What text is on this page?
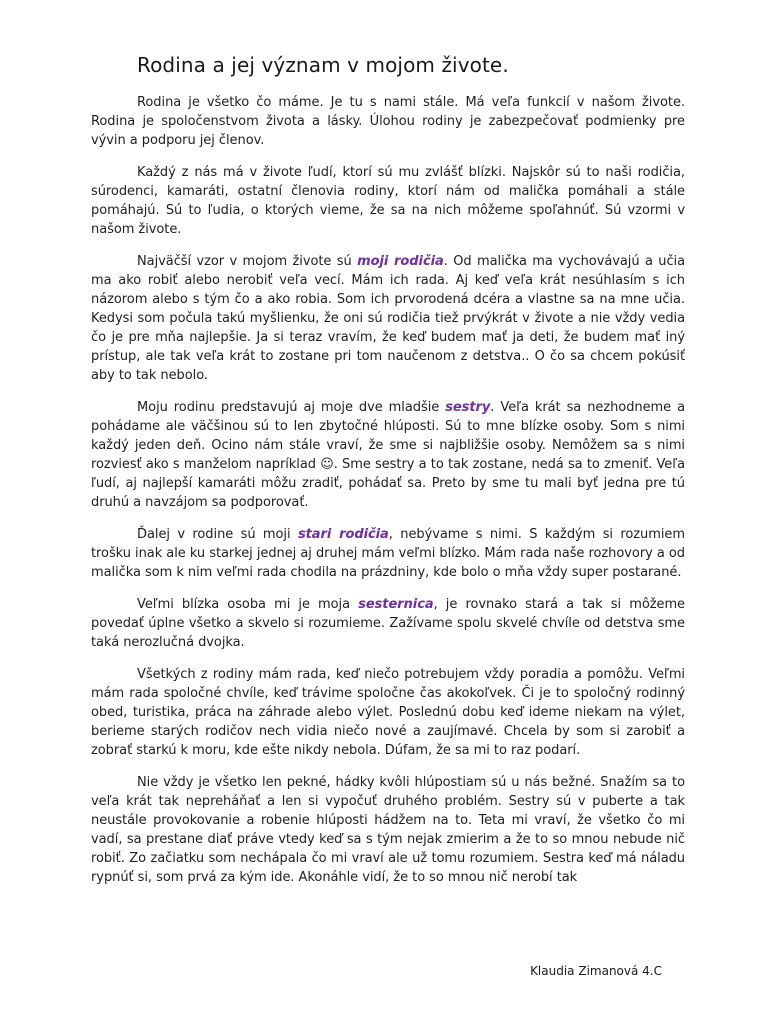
Rodina a jej význam v mojom živote.

Rodina je všetko čo máme. Je tu s nami stále. Má veľa funkcií v našom živote. Rodina je spoločenstvom života a lásky. Úlohou rodiny je zabezpečovať podmienky pre vývin a podporu jej členov.

Každý z nás má v živote ľudí, ktorí sú mu zvlášť blízki. Najskôr sú to naši rodičia, súrodenci, kamaráti, ostatní členovia rodiny, ktorí nám od malička pomáhali a stále pomáhajú. Sú to ľudia, o ktorých vieme, že sa na nich môžeme spoľahnúť. Sú vzormi v našom živote.

Najväčší vzor v mojom živote sú moji rodičia. Od malička ma vychovávajú a učia ma ako robiť alebo nerobiť veľa vecí. Mám ich rada. Aj keď veľa krát nesúhlasím s ich názorom alebo s tým čo a ako robia. Som ich prvorodená dcéra a vlastne sa na mne učia. Kedysi som počula takú myšlienku, že oni sú rodičia tiež prvýkrát v živote a nie vždy vedia čo je pre mňa najlepšie. Ja si teraz vravím, že keď budem mať ja deti, že budem mať iný prístup, ale tak veľa krát to zostane pri tom naučenom z detstva.. O čo sa chcem pokúsiť aby to tak nebolo.

Moju rodinu predstavujú aj moje dve mladšie sestry. Veľa krát sa nezhodneme a pohádame ale väčšinou sú to len zbytočné hlúposti. Sú to mne blízke osoby. Som s nimi každý jeden deň. Ocino nám stále vraví, že sme si najbližšie osoby. Nemôžem sa s nimi rozviesť ako s manželom napríklad ☺. Sme sestry a to tak zostane, nedá sa to zmeniť. Veľa ľudí, aj najlepší kamaráti môžu zradiť, pohádať sa. Preto by sme tu mali byť jedna pre tú druhú a navzájom sa podporovať.

Ďalej v rodine sú moji stari rodičia, nebývame s nimi. S každým si rozumiem trošku inak ale ku starkej jednej aj druhej mám veľmi blízko. Mám rada naše rozhovory a od malička som k nim veľmi rada chodila na prázdniny, kde bolo o mňa vždy super postarané.

Veľmi blízka osoba mi je moja sesternica, je rovnako stará a tak si môžeme povedať úplne všetko a skvelo si rozumieme. Zažívame spolu skvelé chvíle od detstva sme taká nerozlučná dvojka.

Všetkých z rodiny mám rada, keď niečo potrebujem vždy poradia a pomôžu. Veľmi mám rada spoločné chvíle, keď trávime spoločne čas akokoľvek. Či je to spoločný rodinný obed, turistika, práca na záhrade alebo výlet. Poslednú dobu keď ideme niekam na výlet, berieme starých rodičov nech vidia niečo nové a zaujímavé. Chcela by som si zarobiť a zobrať starkú k moru, kde ešte nikdy nebola. Dúfam, že sa mi to raz podarí.

Nie vždy je všetko len pekné, hádky kvôli hlúpostiam sú u nás bežné. Snažím sa to veľa krát tak nepreháňať a len si vypočuť druhého problém. Sestry sú v puberte a tak neustále provokovanie a robenie hlúposti hádžem na to. Teta mi vraví, že všetko čo mi vadí, sa prestane diať práve vtedy keď sa s tým nejak zmierim a že to so mnou nebude nič robiť. Zo začiatku som nechápala čo mi vraví ale už tomu rozumiem. Sestra keď má náladu rypnúť si, som prvá za kým ide. Akonáhle vidí, že to so mnou nič nerobí tak

Klaudia Zimanová 4.C
